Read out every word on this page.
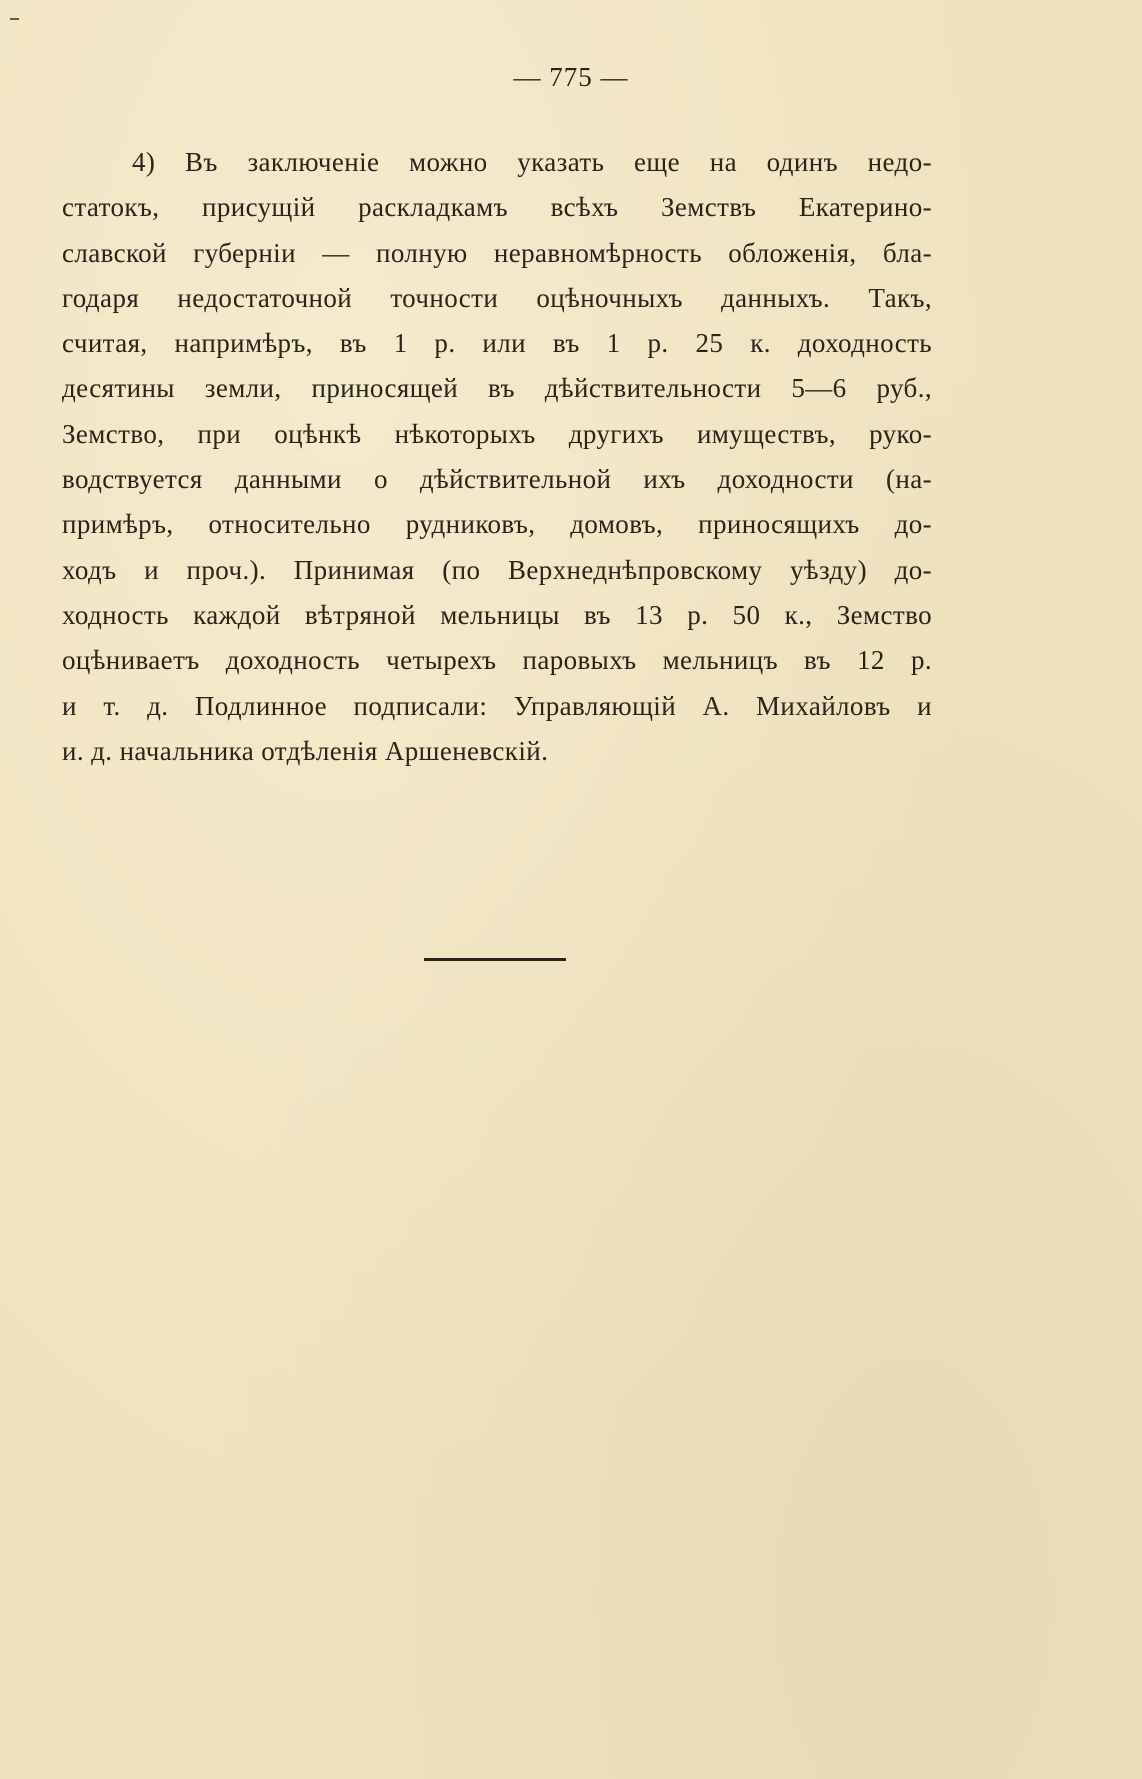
— 775 —
4) Въ заключеніе можно указать еще на одинъ недо-
статокъ, присущій раскладкамъ всѣхъ Земствъ Екатерино-
славской губерніи — полную неравномѣрность обложенія, бла-
годаря недостаточной точности оцѣночныхъ данныхъ. Такъ,
считая, напримѣръ, въ 1 р. или въ 1 р. 25 к. доходность
десятины земли, приносящей въ дѣйствительности 5—6 руб.,
Земство, при оцѣнкѣ нѣкоторыхъ другихъ имуществъ, руко-
водствуется данными о дѣйствительной ихъ доходности (на-
примѣръ, относительно рудниковъ, домовъ, приносящихъ до-
ходъ и проч.). Принимая (по Верхнеднѣпровскому уѣзду) до-
ходность каждой вѣтряной мельницы въ 13 р. 50 к., Земство
оцѣниваетъ доходность четырехъ паровыхъ мельницъ въ 12 р.
и т. д. Подлинное подписали: Управляющій А. Михайловъ и
и. д. начальника отдѣленія Аршеневскій.
